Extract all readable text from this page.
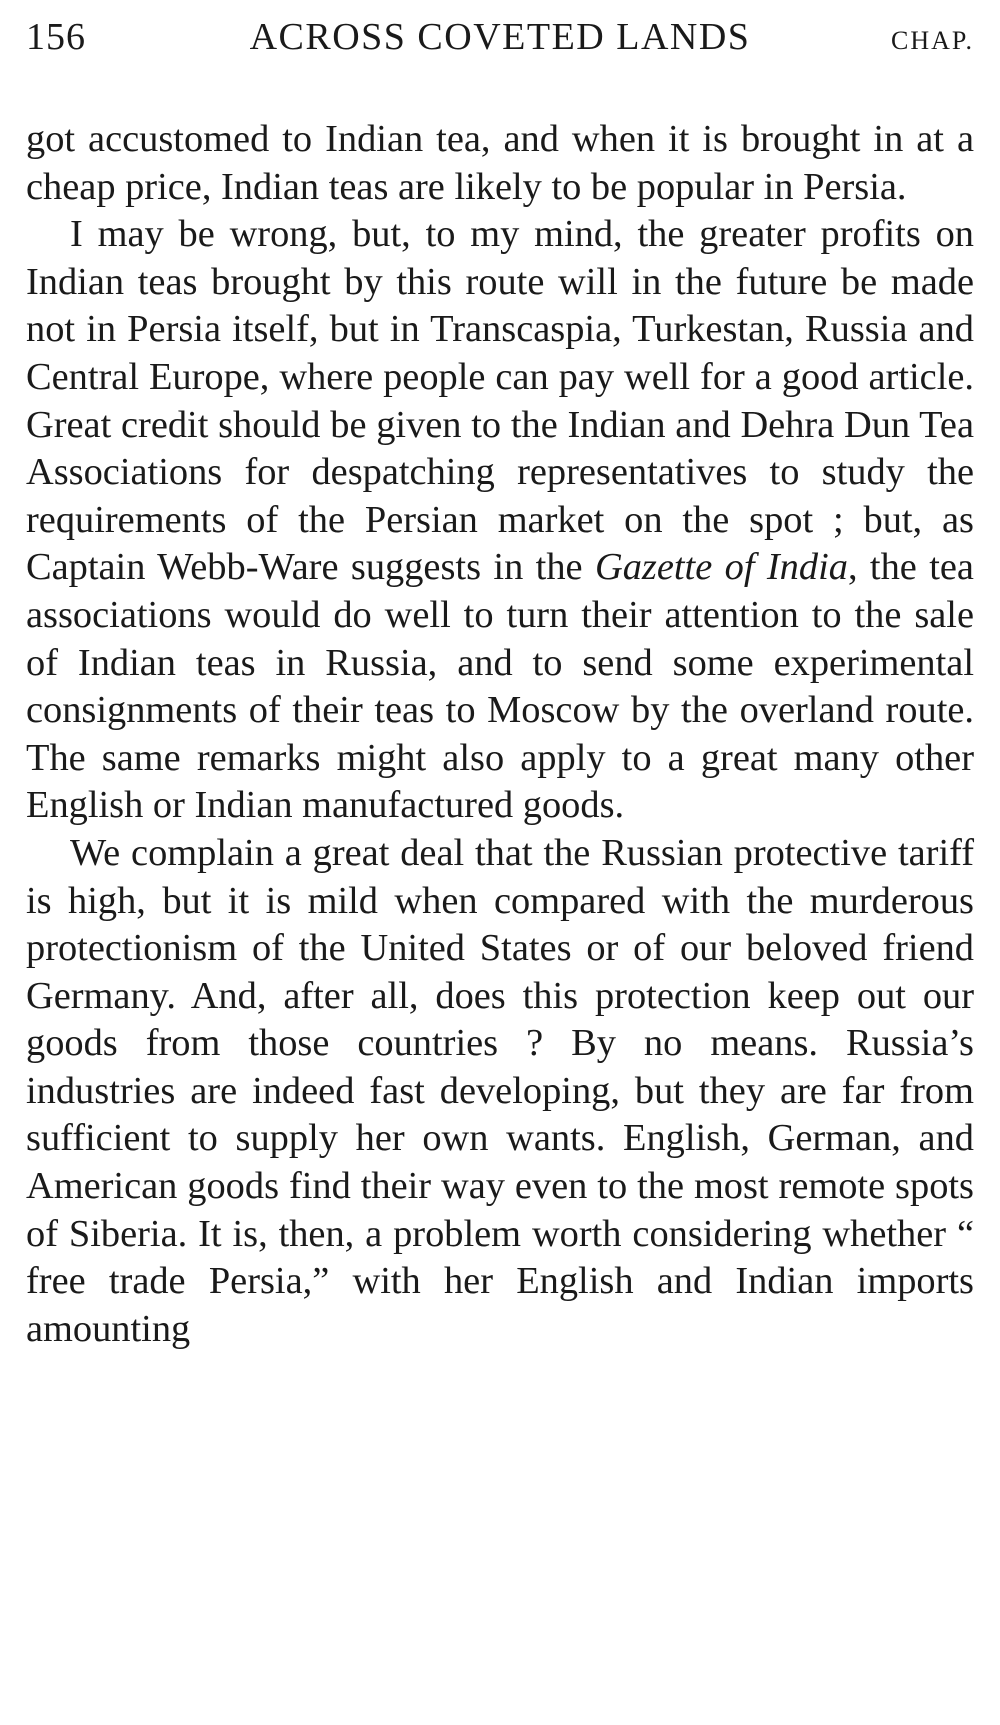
156	ACROSS COVETED LANDS	CHAP.

got accustomed to Indian tea, and when it is brought in at a cheap price, Indian teas are likely to be popular in Persia.

I may be wrong, but, to my mind, the greater profits on Indian teas brought by this route will in the future be made not in Persia itself, but in Transcaspia, Turkestan, Russia and Central Europe, where people can pay well for a good article. Great credit should be given to the Indian and Dehra Dun Tea Associations for despatching representatives to study the requirements of the Persian market on the spot ; but, as Captain Webb-Ware suggests in the Gazette of India, the tea associations would do well to turn their attention to the sale of Indian teas in Russia, and to send some experimental consignments of their teas to Moscow by the overland route. The same remarks might also apply to a great many other English or Indian manufactured goods.

We complain a great deal that the Russian protective tariff is high, but it is mild when compared with the murderous protectionism of the United States or of our beloved friend Germany. And, after all, does this protection keep out our goods from those countries ? By no means. Russia’s industries are indeed fast developing, but they are far from sufficient to supply her own wants. English, German, and American goods find their way even to the most remote spots of Siberia. It is, then, a problem worth considering whether “ free trade Persia,” with her English and Indian imports amounting
